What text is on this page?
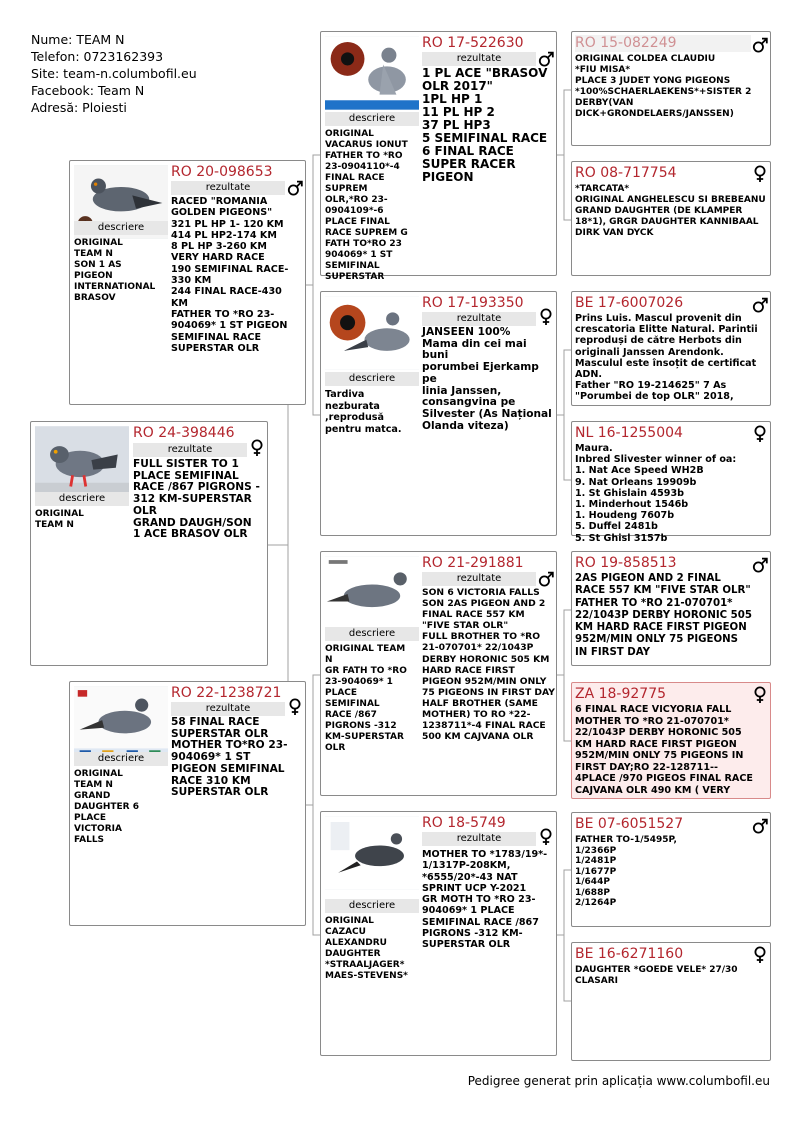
Nume: TEAM N
Telefon: 0723162393
Site: team-n.columbofil.eu
Facebook: Team N
Adresă: Ploiesti
descriere
ORIGINAL
TEAM N
RO 24-398446
rezultate
FULL SISTER TO 1
PLACE SEMIFINAL
RACE /867 PIGRONS -
312 KM-SUPERSTAR
OLR
GRAND DAUGH/SON
1 ACE BRASOV OLR
descriere
ORIGINAL
TEAM N
SON 1 AS
PIGEON
INTERNATIONAL
BRASOV
RO 20-098653
rezultate
RACED "ROMANIA
GOLDEN PIGEONS"
321 PL HP 1- 120 KM
414 PL HP2-174 KM
8 PL HP 3-260 KM
VERY HARD RACE
190 SEMIFINAL RACE-
330 KM
244 FINAL RACE-430
KM
FATHER TO *RO 23-
904069* 1 ST PIGEON
SEMIFINAL RACE
SUPERSTAR OLR
descriere
ORIGINAL
TEAM N
GRAND
DAUGHTER 6
PLACE
VICTORIA
FALLS
RO 22-1238721
rezultate
58 FINAL RACE
SUPERSTAR OLR
MOTHER TO*RO 23-
904069* 1 ST
PIGEON SEMIFINAL
RACE 310 KM
SUPERSTAR OLR
descriere
ORIGINAL
VACARUS IONUT
FATHER TO *RO
23-0904110*-4
FINAL RACE
SUPREM
OLR,*RO 23-
0904109*-6
PLACE FINAL
RACE SUPREM G
FATH TO*RO 23
904069* 1 ST
SEMIFINAL
SUPERSTAR
RO 17-522630
rezultate
1 PL ACE "BRASOV
OLR 2017"
1PL HP 1
11 PL HP 2
37 PL HP3
5 SEMIFINAL RACE
6 FINAL RACE
SUPER RACER
PIGEON
descriere
Tardiva
nezburata
,reprodusă
pentru matca.
RO 17-193350
rezultate
JANSEEN 100%
Mama din cei mai buni
porumbei Ejerkamp pe
linia Janssen,
consangvina pe
Silvester (As Național
Olanda viteza)
descriere
ORIGINAL TEAM
N
GR FATH TO *RO
23-904069* 1
PLACE
SEMIFINAL
RACE /867
PIGRONS -312
KM-SUPERSTAR
OLR
RO 21-291881
rezultate
SON 6 VICTORIA FALLS
SON 2AS PIGEON AND 2
FINAL RACE 557 KM
"FIVE STAR OLR"
FULL BROTHER TO *RO
21-070701* 22/1043P
DERBY HORONIC 505 KM
HARD RACE FIRST
PIGEON 952M/MIN ONLY
75 PIGEONS IN FIRST DAY
HALF BROTHER (SAME
MOTHER) TO RO *22-
1238711*-4 FINAL RACE
500 KM CAJVANA OLR
descriere
ORIGINAL
CAZACU
ALEXANDRU
DAUGHTER
*STRAALJAGER*
MAES-STEVENS*
RO 18-5749
rezultate
MOTHER TO *1783/19*-
1/1317P-208KM,
*6555/20*-43 NAT
SPRINT UCP Y-2021
GR MOTH TO *RO 23-
904069* 1 PLACE
SEMIFINAL RACE /867
PIGRONS -312 KM-
SUPERSTAR OLR
ORIGINAL COLDEA CLAUDIU
*FIU MISA*
PLACE 3 JUDET YONG PIGEONS
*100%SCHAERLAEKENS*+SISTER 2
DERBY(VAN
DICK+GRONDELAERS/JANSSEN)
RO 08-717754
*TARCATA*
ORIGINAL ANGHELESCU SI BREBEANU
GRAND DAUGHTER (DE KLAMPER
18*1), GRGR DAUGHTER KANNIBAAL
DIRK VAN DYCK
BE 17-6007026
Prins Luis. Mascul provenit din
crescatoria Elitte Natural. Parintii
reproduși de către Herbots din
originali Janssen Arendonk.
Masculul este însoțit de certificat
ADN.
Father "RO 19-214625" 7 As
"Porumbei de top OLR" 2018,
NL 16-1255004
Maura.
Inbred Slivester winner of oa:
1. Nat Ace Speed WH2B
9. Nat Orleans 19909b
1. St Ghislain 4593b
1. Minderhout 1546b
1. Houdeng 7607b
5. Duffel 2481b
5. St Ghisl 3157b
RO 19-858513
2AS PIGEON AND 2 FINAL
RACE 557 KM "FIVE STAR OLR"
FATHER TO *RO 21-070701*
22/1043P DERBY HORONIC 505
KM HARD RACE FIRST PIGEON
952M/MIN ONLY 75 PIGEONS
IN FIRST DAY
ZA 18-92775
6 FINAL RACE VICYORIA FALL
MOTHER TO *RO 21-070701*
22/1043P DERBY HORONIC 505
KM HARD RACE FIRST PIGEON
952M/MIN ONLY 75 PIGEONS IN
FIRST DAY;RO 22-128711--
4PLACE /970 PIGEOS FINAL RACE
CAJVANA OLR 490 KM ( VERY
BE 07-6051527
FATHER TO-1/5495P,
1/2366P
1/2481P
1/1677P
1/644P
1/688P
2/1264P
BE 16-6271160
DAUGHTER *GOEDE VELE* 27/30
CLASARI
Pedigree generat prin aplicația www.columbofil.eu
